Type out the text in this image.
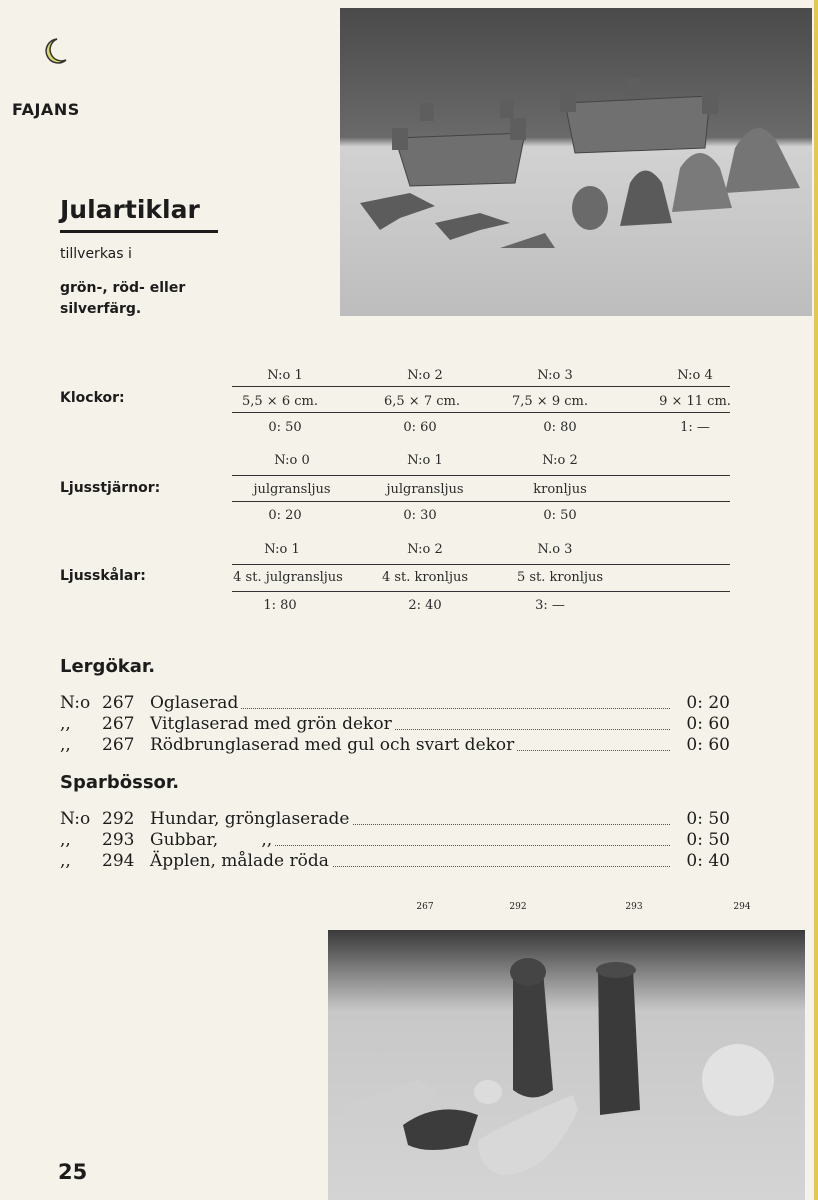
FAJANS
Julartiklar
tillverkas i
grön-, röd- eller silverfärg.
Klockor:
N:o 1	N:o 2	N:o 3	N:o 4
5,5 × 6 cm.	6,5 × 7 cm.	7,5 × 9 cm.	9 × 11 cm.
0: 50	0: 60	0: 80	1: —
Ljusstjärnor:
N:o 0	N:o 1	N:o 2
julgransljus	julgransljus	kronljus
0: 20	0: 30	0: 50
Ljusskålar:
N:o 1	N:o 2	N.o 3
4 st. julgransljus	4 st. kronljus	5 st. kronljus
1: 80	2: 40	3: —
Lergökar.
N:o 267 Oglaserad	0: 20
,,	267 Vitglaserad med grön dekor	0: 60
,,	267 Rödbrunglaserad med gul och svart dekor	0: 60
Sparbössor.
N:o 292 Hundar, grönglaserade	0: 50
,,	293 Gubbar,        ,,	0: 50
,,	294 Äpplen, målade röda	0: 40
267	292	293	294
25
